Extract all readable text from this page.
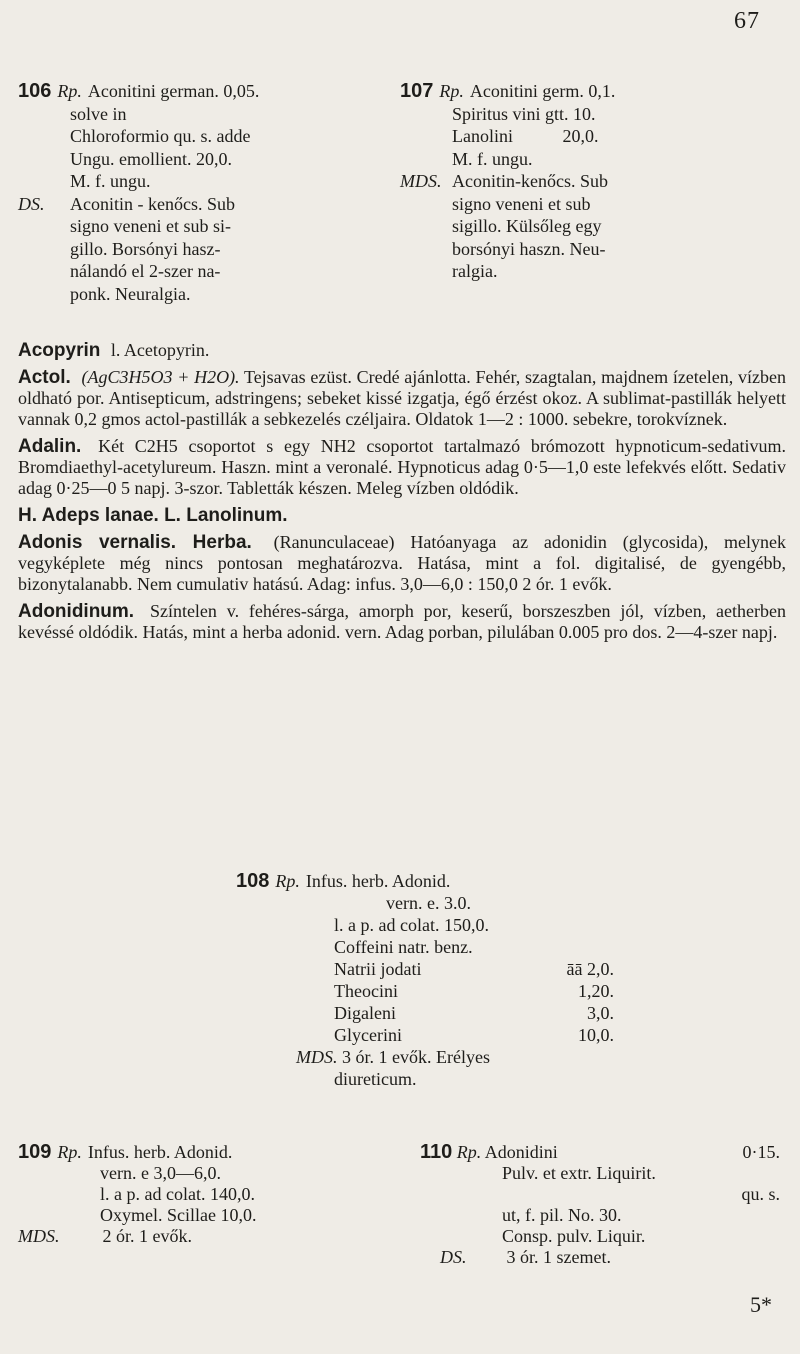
67
106 Rp. Aconitini german. 0,05.
solve in
Chloroformio qu. s. adde
Ungu. emollient. 20,0.
M. f. ungu.
DS.	Aconitin - kenőcs. Sub
signo veneni et sub si-
gillo. Borsónyi hasz-
nálandó el 2-szer na-
ponk. Neuralgia.
107 Rp. Aconitini germ. 0,1.
Spiritus vini gtt. 10.
Lanolini           20,0.
M. f. ungu.
MDS. Aconitin-kenőcs. Sub
signo veneni et sub
sigillo. Külsőleg egy
borsónyi haszn. Neu-
ralgia.
Acopyrin l. Acetopyrin.
Actol. (AgC3H5O3 + H2O). Tejsavas ezüst. Credé ajánlotta. Fehér, szagtalan, majdnem ízetelen, vízben oldható por. Antisepticum, adstringens; sebeket kissé izgatja, égő érzést okoz. A sublimat-pastillák helyett vannak 0,2 gmos actol-pastillák a sebkezelés czéljaira. Oldatok 1—2 : 1000. sebekre, torokvíznek.
Adalin. Két C2H5 csoportot s egy NH2 csoportot tartalmazó brómozott hypnoticum-sedativum. Bromdiaethyl-acetylureum. Haszn. mint a veronalé. Hypnoticus adag 0·5—1,0 este lefekvés előtt. Sedativ adag 0·25—0 5 napj. 3-szor. Tabletták készen. Meleg vízben oldódik.
H. Adeps lanae. L. Lanolinum.
Adonis vernalis. Herba. (Ranunculaceae) Hatóanyaga az adonidin (glycosida), melynek vegyképlete még nincs pontosan meghatározva. Hatása, mint a fol. digitalisé, de gyengébb, bizonytalanabb. Nem cumulativ hatású. Adag: infus. 3,0—6,0 : 150,0 2 ór. 1 evők.
Adonidinum. Színtelen v. fehéres-sárga, amorph por, keserű, borszeszben jól, vízben, aetherben kevéssé oldódik. Hatás, mint a herba adonid. vern. Adag porban, pilulában 0.005 pro dos. 2—4-szer napj.
108 Rp. Infus. herb. Adonid.
vern. e. 3.0.
l. a p. ad colat. 150,0.
Coffeini natr. benz.
Natrii jodati	āā 2,0.
Theocini	1,20.
Digaleni	3,0.
Glycerini	10,0.
MDS. 3 ór. 1 evők. Erélyes
diureticum.
109 Rp. Infus. herb. Adonid.
vern. e 3,0—6,0.
l. a p. ad colat. 140,0.
Oxymel. Scillae 10,0.
MDS. 2 ór. 1 evők.
110 Rp. Adonidini	0·15.
Pulv. et extr. Liquirit.
qu. s.
ut, f. pil. No. 30.
Consp. pulv. Liquir.
DS. 3 ór. 1 szemet.
5*
